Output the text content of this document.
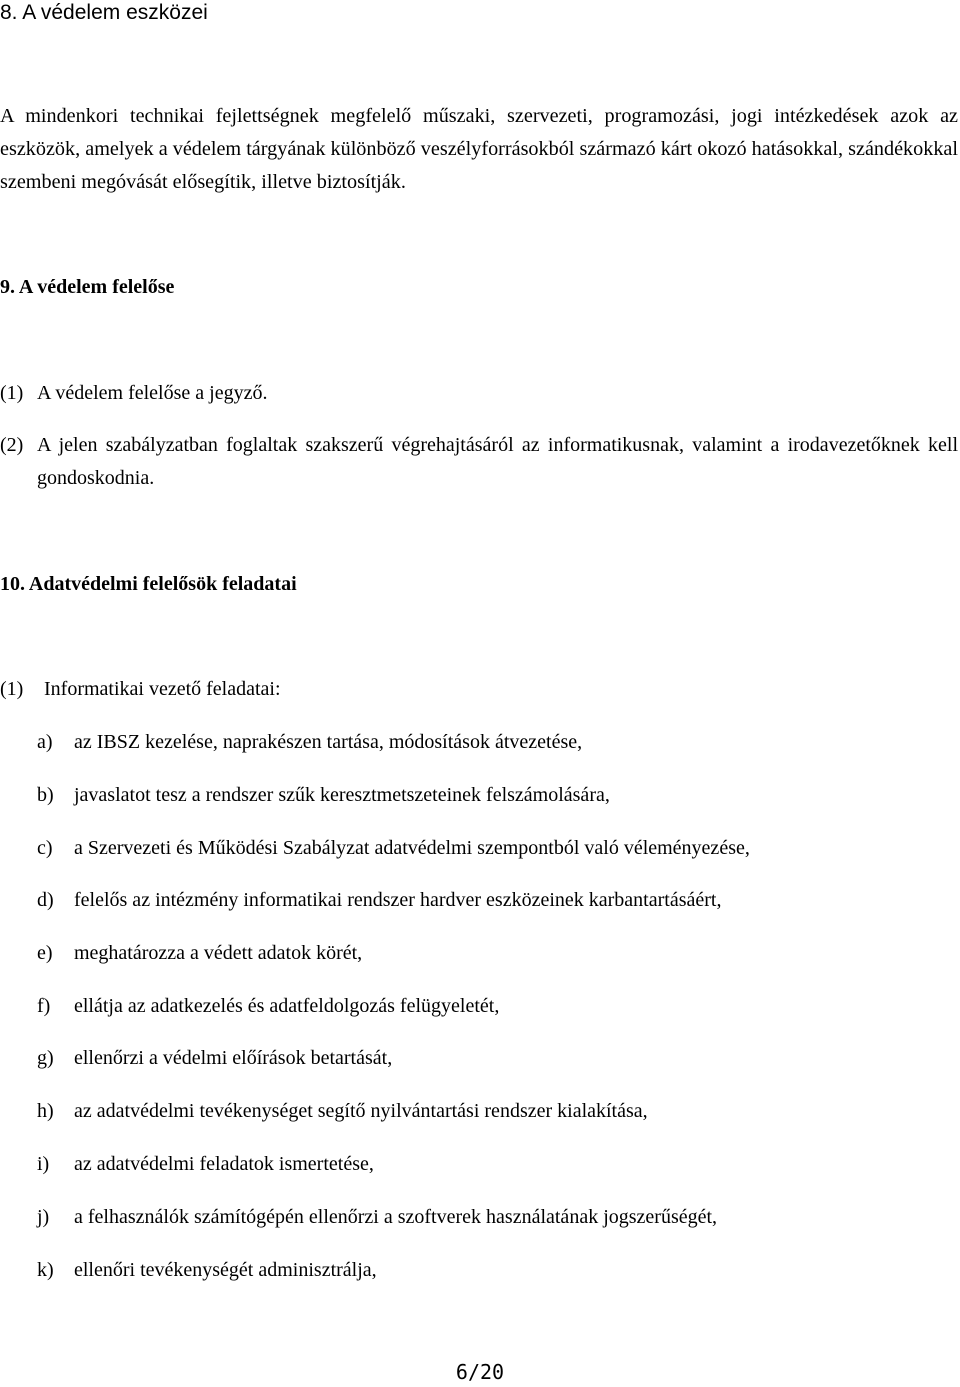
8. A védelem eszközei
A mindenkori technikai fejlettségnek megfelelő műszaki, szervezeti, programozási, jogi intézkedések azok az eszközök, amelyek a védelem tárgyának különböző veszélyforrásokból származó kárt okozó hatásokkal, szándékokkal szembeni megóvását elősegítik, illetve biztosítják.
9. A védelem felelőse
(1) A védelem felelőse a jegyző.
(2) A jelen szabályzatban foglaltak szakszerű végrehajtásáról az informatikusnak, valamint a irodavezetőknek kell gondoskodnia.
10. Adatvédelmi felelősök feladatai
(1) Informatikai vezető feladatai:
a) az IBSZ kezelése, naprakészen tartása, módosítások átvezetése,
b) javaslatot tesz a rendszer szűk keresztmetszeteinek felszámolására,
c) a Szervezeti és Működési Szabályzat adatvédelmi szempontból való véleményezése,
d) felelős az intézmény informatikai rendszer hardver eszközeinek karbantartásáért,
e) meghatározza a védett adatok körét,
f) ellátja az adatkezelés és adatfeldolgozás felügyeletét,
g) ellenőrzi a védelmi előírások betartását,
h) az adatvédelmi tevékenységet segítő nyilvántartási rendszer kialakítása,
i) az adatvédelmi feladatok ismertetése,
j) a felhasználók számítógépén ellenőrzi a szoftverek használatának jogszerűségét,
k) ellenőri tevékenységét adminisztrálja,
6/20
